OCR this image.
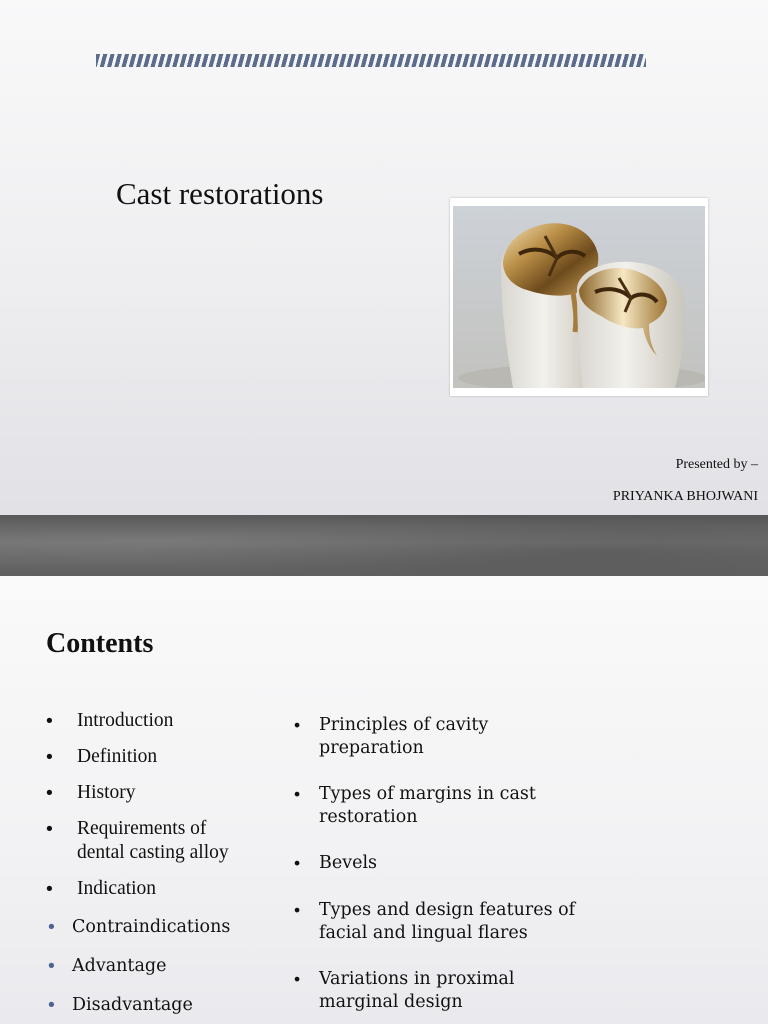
Cast restorations
Presented by –
PRIYANKA BHOJWANI
Contents
•	Introduction
•	Definition
•	History
•	Requirements of dental casting alloy
•	Indication
• Contraindications
• Advantage
• Disadvantage
•	Principles of cavity preparation
•	Types of margins in cast restoration
•	Bevels
•	Types and design features of facial and lingual flares
•	Variations in proximal marginal design
